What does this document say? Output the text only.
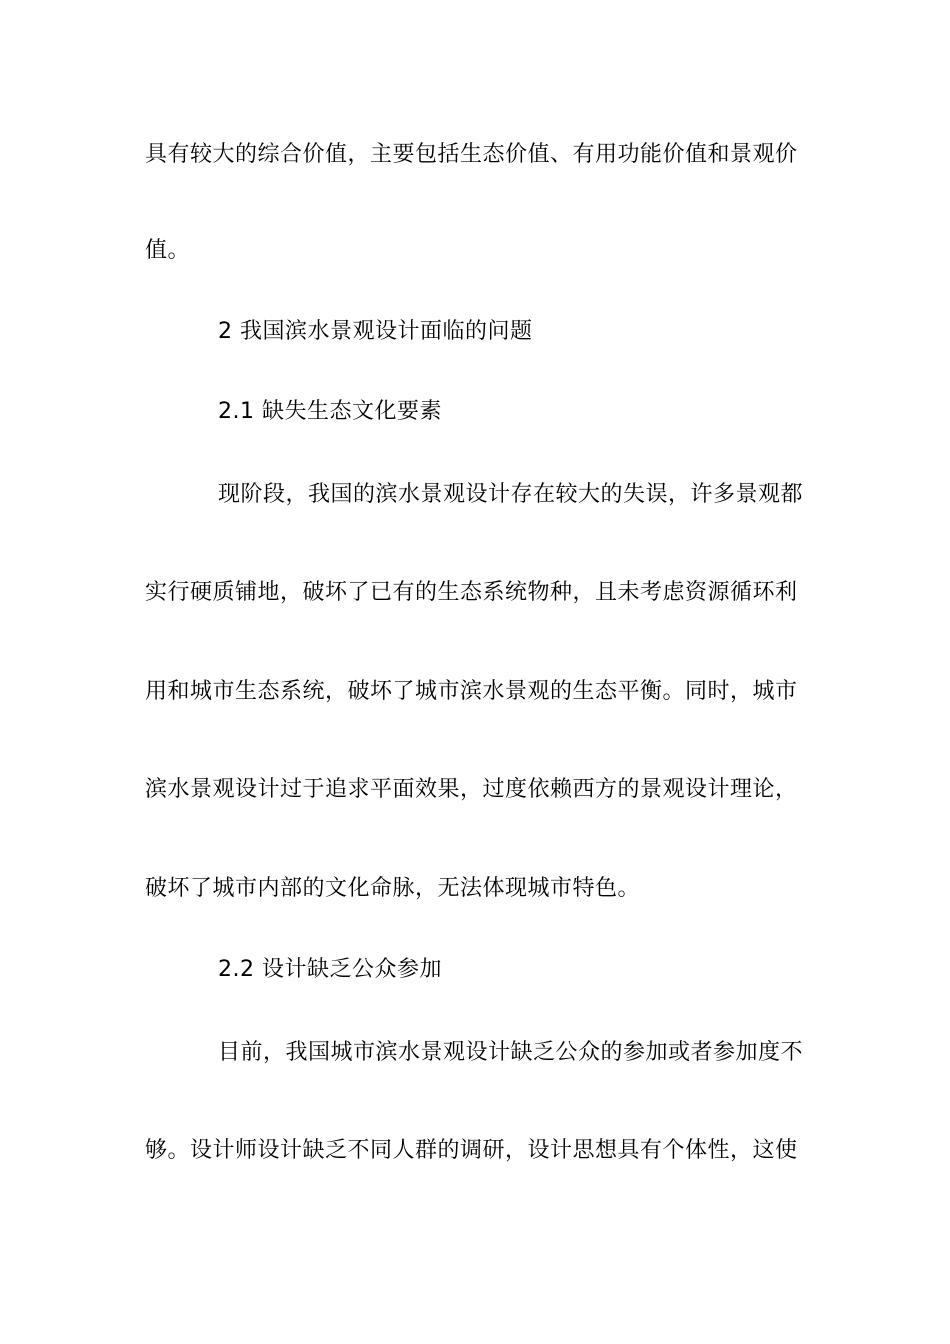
具有较大的综合价值，主要包括生态价值、有用功能价值和景观价
值。
2 我国滨水景观设计面临的问题
2.1 缺失生态文化要素
现阶段，我国的滨水景观设计存在较大的失误，许多景观都
实行硬质铺地，破坏了已有的生态系统物种，且未考虑资源循环利
用和城市生态系统，破坏了城市滨水景观的生态平衡。同时，城市
滨水景观设计过于追求平面效果，过度依赖西方的景观设计理论，
破坏了城市内部的文化命脉，无法体现城市特色。
2.2 设计缺乏公众参加
目前，我国城市滨水景观设计缺乏公众的参加或者参加度不
够。设计师设计缺乏不同人群的调研，设计思想具有个体性，这使
